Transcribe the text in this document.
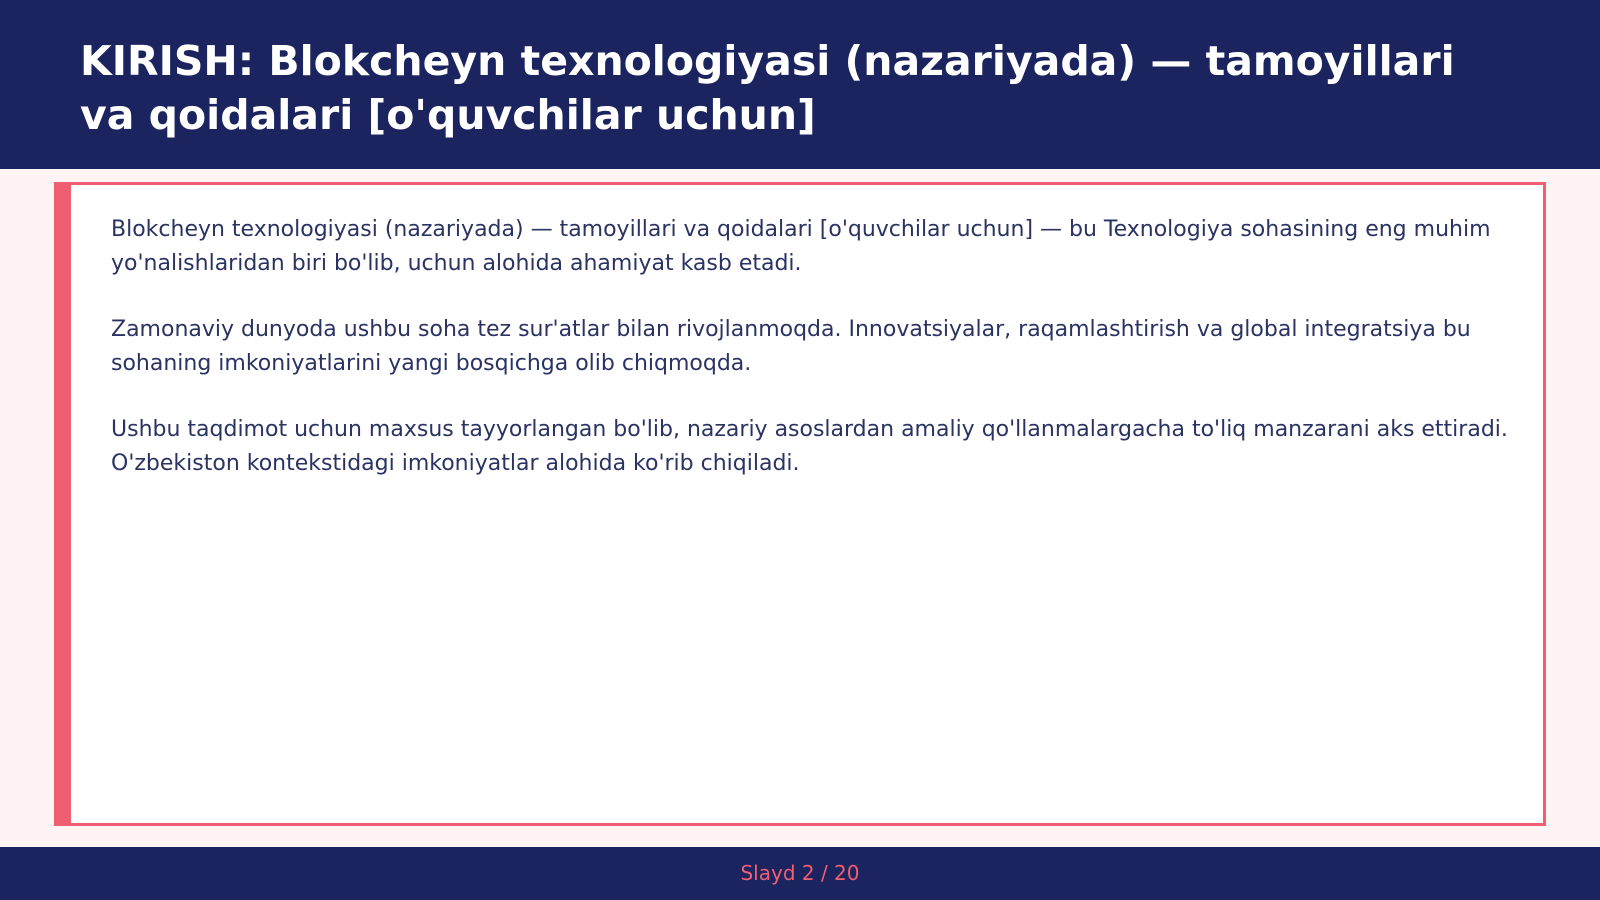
KIRISH: Blokcheyn texnologiyasi (nazariyada) — tamoyillari va qoidalari [o'quvchilar uchun]

Blokcheyn texnologiyasi (nazariyada) — tamoyillari va qoidalari [o'quvchilar uchun] — bu Texnologiya sohasining eng muhim yo'nalishlaridan biri bo'lib, uchun alohida ahamiyat kasb etadi.

Zamonaviy dunyoda ushbu soha tez sur'atlar bilan rivojlanmoqda. Innovatsiyalar, raqamlashtirish va global integratsiya bu sohaning imkoniyatlarini yangi bosqichga olib chiqmoqda.

Ushbu taqdimot uchun maxsus tayyorlangan bo'lib, nazariy asoslardan amaliy qo'llanmalargacha to'liq manzarani aks ettiradi. O'zbekiston kontekstidagi imkoniyatlar alohida ko'rib chiqiladi.

Slayd 2 / 20
